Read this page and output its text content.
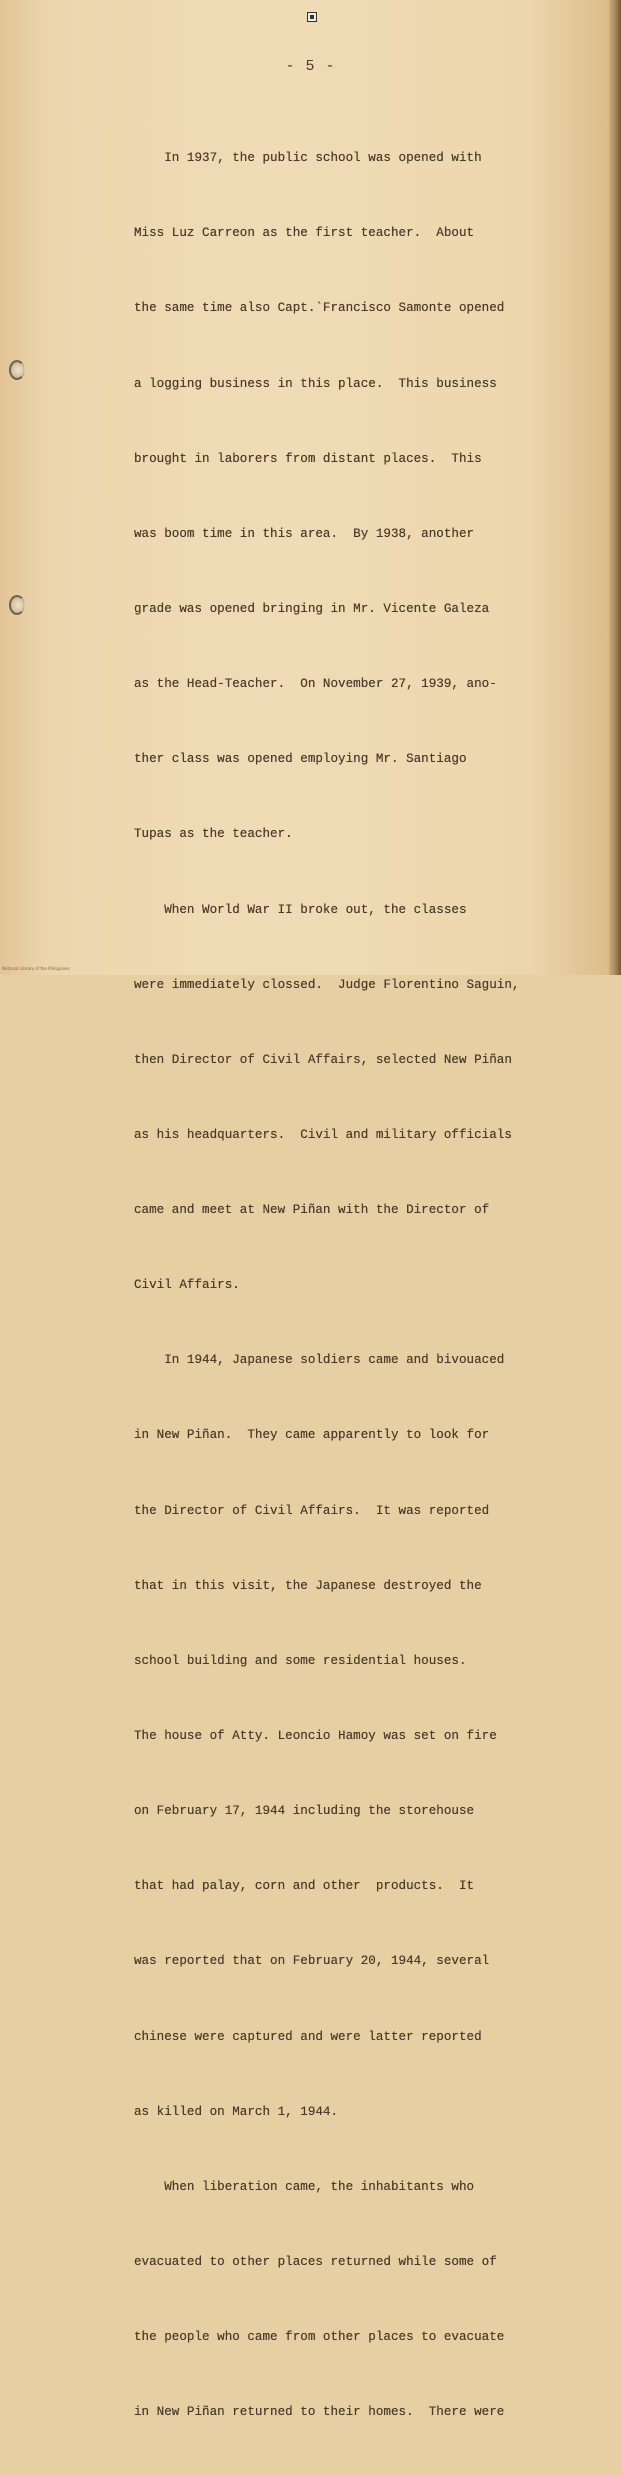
- 5 -

In 1937, the public school was opened with

Miss Luz Carreon as the first teacher.  About

the same time also Capt.`Francisco Samonte opened

a logging business in this place.  This business

brought in laborers from distant places.  This

was boom time in this area.  By 1938, another

grade was opened bringing in Mr. Vicente Galeza

as the Head-Teacher.  On November 27, 1939, ano-

ther class was opened employing Mr. Santiago

Tupas as the teacher.

When World War II broke out, the classes

were immediately clossed.  Judge Florentino Saguin,

then Director of Civil Affairs, selected New Piñan

as his headquarters.  Civil and military officials

came and meet at New Piñan with the Director of

Civil Affairs.

In 1944, Japanese soldiers came and bivouaced

in New Piñan.  They came apparently to look for

the Director of Civil Affairs.  It was reported

that in this visit, the Japanese destroyed the

school building and some residential houses.

The house of Atty. Leoncio Hamoy was set on fire

on February 17, 1944 including the storehouse

that had palay, corn and other  products.  It

was reported that on February 20, 1944, several

chinese were captured and were latter reported

as killed on March 1, 1944.

When liberation came, the inhabitants who

evacuated to other places returned while some of

the people who came from other places to evacuate

in New Piñan returned to their homes.  There were

National Library of the Philippines
